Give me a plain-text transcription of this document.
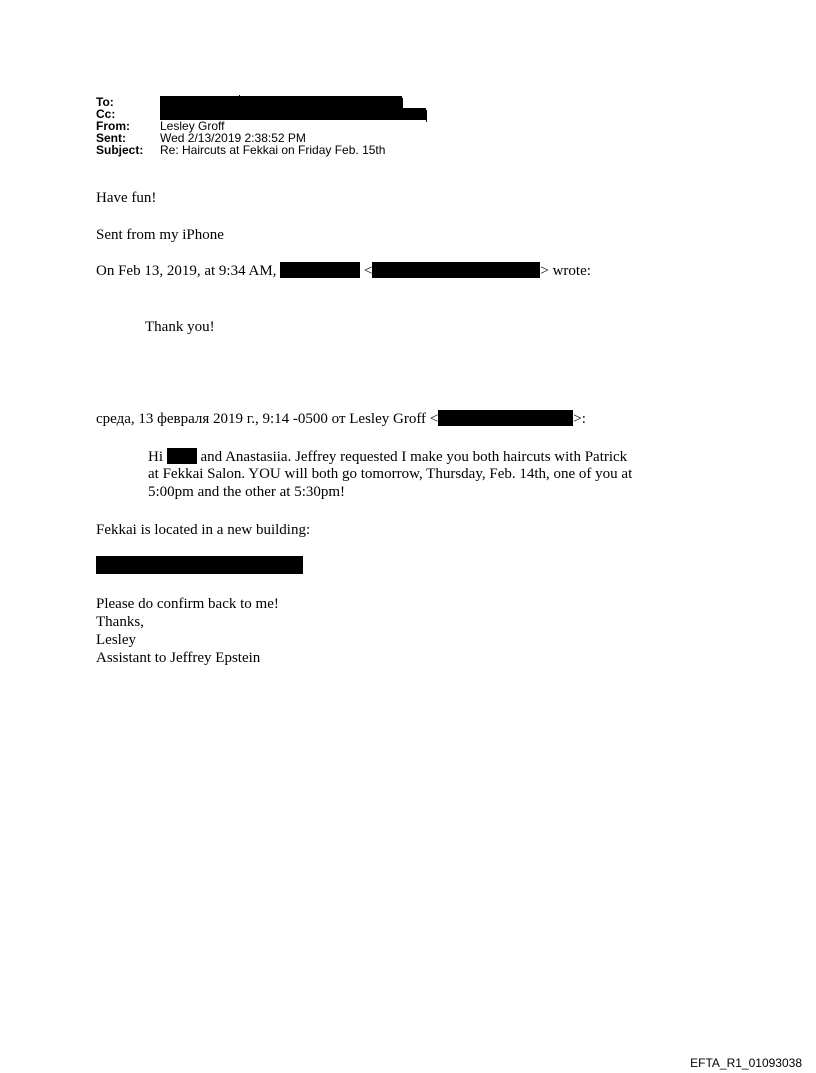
To:
Cc:
From:	Lesley Groff
Sent:	Wed 2/13/2019 2:38:52 PM
Subject: Re: Haircuts at Fekkai on Friday Feb. 15th
Have fun!
Sent from my iPhone
On Feb 13, 2019, at 9:34 AM,	<	> wrote:
Thank you!
среда, 13 февраля 2019 г., 9:14 -0500 от Lesley Groff <	>:
Hi	and Anastasiia. Jeffrey requested I make you both haircuts with Patrick
at Fekkai Salon. YOU will both go tomorrow, Thursday, Feb. 14th, one of you at
5:00pm and the other at 5:30pm!
Fekkai is located in a new building:
Please do confirm back to me!
Thanks,
Lesley
Assistant to Jeffrey Epstein
EFTA_R1_01093038
